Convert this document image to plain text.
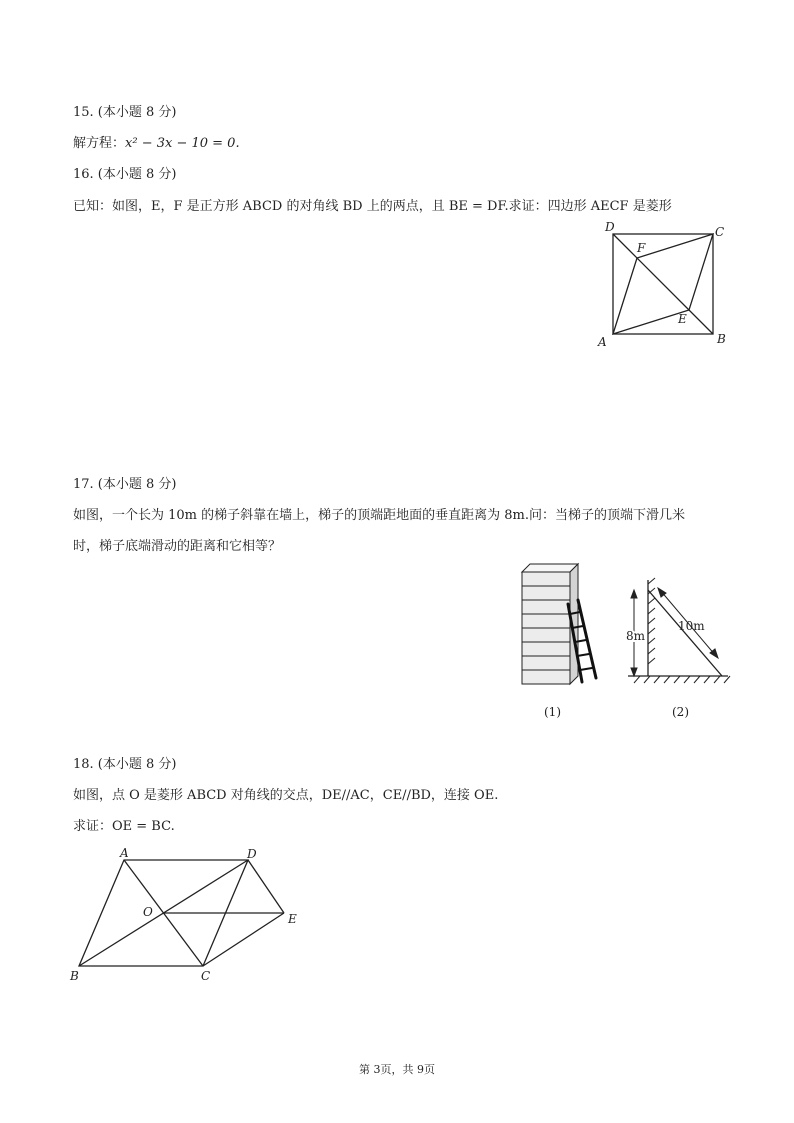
15. (本小题 8 分)
解方程：x² − 3x − 10 = 0.
16. (本小题 8 分)
已知：如图，E，F 是正方形 ABCD 的对角线 BD 上的两点，且 BE = DF.求证：四边形 AECF 是菱形
A	B
C
D
E
F
17. (本小题 8 分)
如图，一个长为 10m 的梯子斜靠在墙上，梯子的顶端距地面的垂直距离为 8m.问：当梯子的顶端下滑几米
时，梯子底端滑动的距离和它相等？
(1)
8m
10m
(2)
18. (本小题 8 分)
如图，点 O 是菱形 ABCD 对角线的交点，DE//AC，CE//BD，连接 OE.
求证：OE = BC.
A
B	C
D
E
O
第 3页，共 9页
